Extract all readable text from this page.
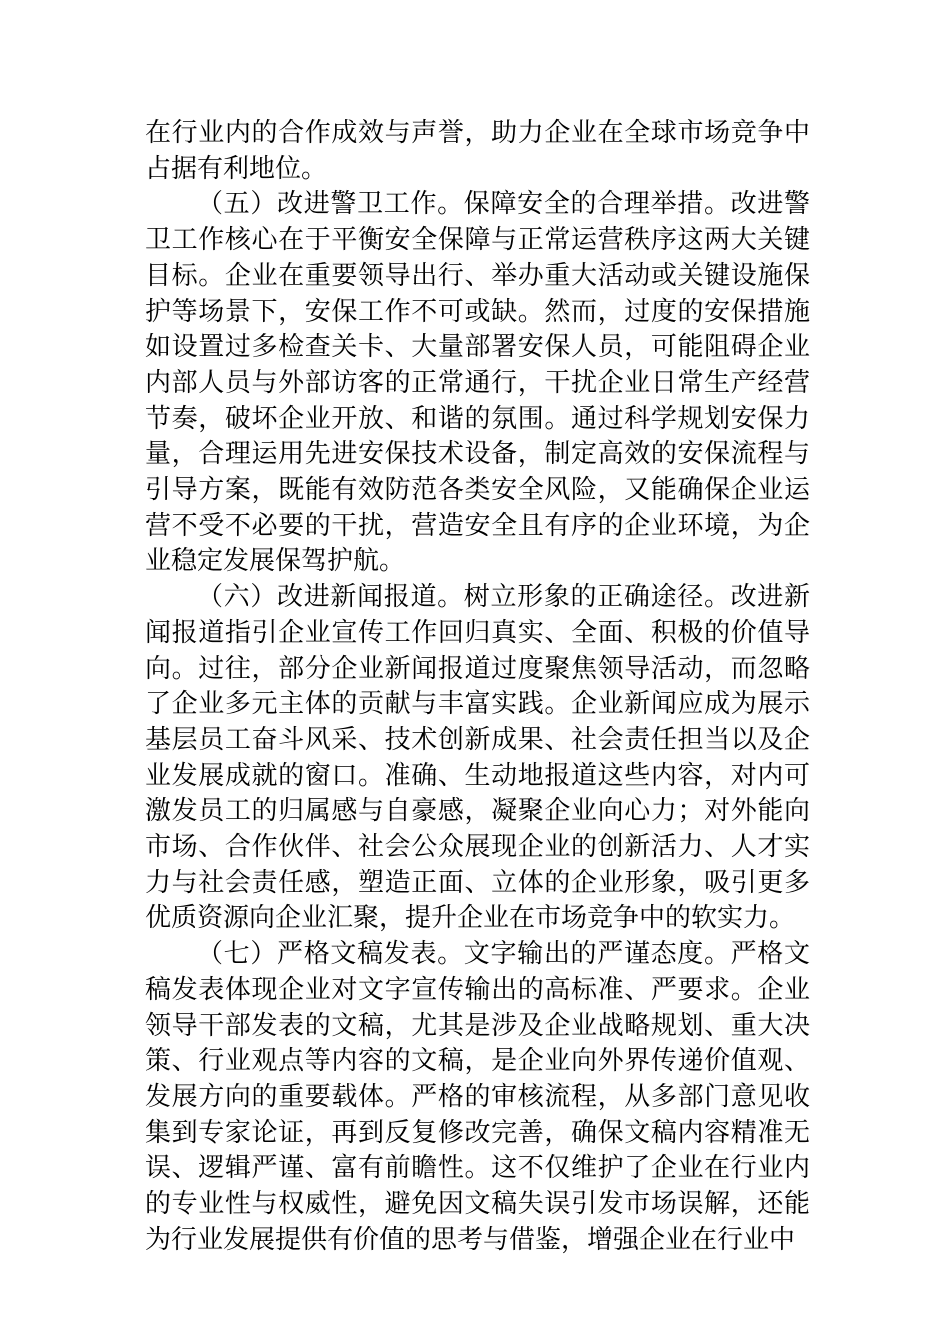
在行业内的合作成效与声誉，助力企业在全球市场竞争中占据有利地位。

（五）改进警卫工作。保障安全的合理举措。改进警卫工作核心在于平衡安全保障与正常运营秩序这两大关键目标。企业在重要领导出行、举办重大活动或关键设施保护等场景下，安保工作不可或缺。然而，过度的安保措施如设置过多检查关卡、大量部署安保人员，可能阻碍企业内部人员与外部访客的正常通行，干扰企业日常生产经营节奏，破坏企业开放、和谐的氛围。通过科学规划安保力量，合理运用先进安保技术设备，制定高效的安保流程与引导方案，既能有效防范各类安全风险，又能确保企业运营不受不必要的干扰，营造安全且有序的企业环境，为企业稳定发展保驾护航。

（六）改进新闻报道。树立形象的正确途径。改进新闻报道指引企业宣传工作回归真实、全面、积极的价值导向。过往，部分企业新闻报道过度聚焦领导活动，而忽略了企业多元主体的贡献与丰富实践。企业新闻应成为展示基层员工奋斗风采、技术创新成果、社会责任担当以及企业发展成就的窗口。准确、生动地报道这些内容，对内可激发员工的归属感与自豪感，凝聚企业向心力；对外能向市场、合作伙伴、社会公众展现企业的创新活力、人才实力与社会责任感，塑造正面、立体的企业形象，吸引更多优质资源向企业汇聚，提升企业在市场竞争中的软实力。

（七）严格文稿发表。文字输出的严谨态度。严格文稿发表体现企业对文字宣传输出的高标准、严要求。企业领导干部发表的文稿，尤其是涉及企业战略规划、重大决策、行业观点等内容的文稿，是企业向外界传递价值观、发展方向的重要载体。严格的审核流程，从多部门意见收集到专家论证，再到反复修改完善，确保文稿内容精准无误、逻辑严谨、富有前瞻性。这不仅维护了企业在行业内的专业性与权威性，避免因文稿失误引发市场误解，还能为行业发展提供有价值的思考与借鉴，增强企业在行业中
